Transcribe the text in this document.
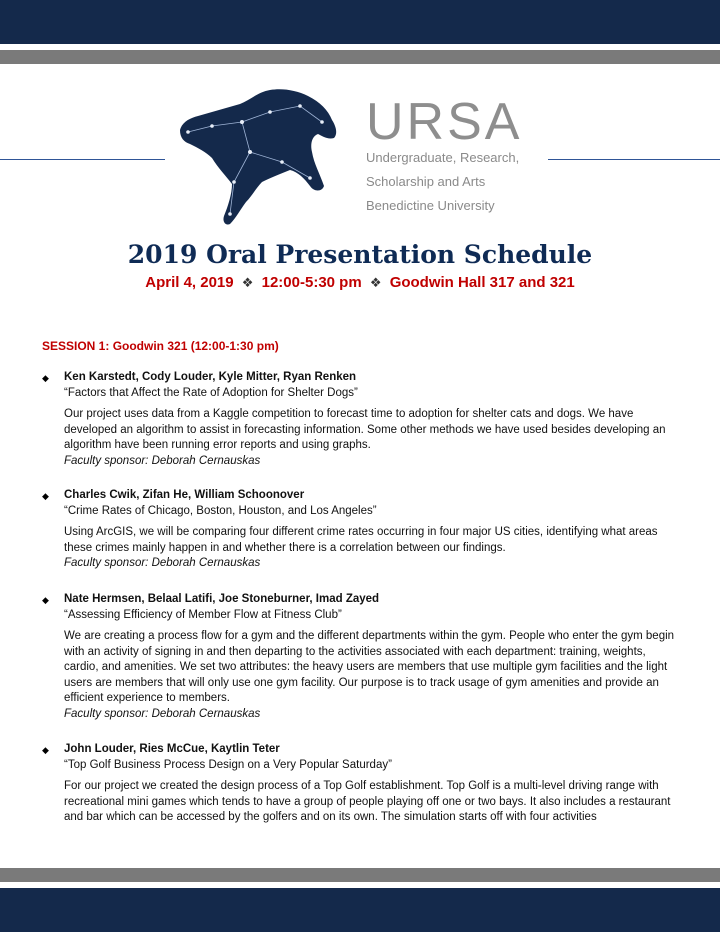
URSA
Undergraduate, Research,
Scholarship and Arts
Benedictine University
2019 Oral Presentation Schedule
April 4, 2019 ❖ 12:00-5:30 pm ❖ Goodwin Hall 317 and 321
SESSION 1: Goodwin 321 (12:00-1:30 pm)
◆ Ken Karstedt, Cody Louder, Kyle Mitter, Ryan Renken
“Factors that Affect the Rate of Adoption for Shelter Dogs”
Our project uses data from a Kaggle competition to forecast time to adoption for shelter cats and dogs. We have developed an algorithm to assist in forecasting information. Some other methods we have used besides developing an algorithm have been running error reports and using graphs.
Faculty sponsor: Deborah Cernauskas
◆ Charles Cwik, Zifan He, William Schoonover
“Crime Rates of Chicago, Boston, Houston, and Los Angeles”
Using ArcGIS, we will be comparing four different crime rates occurring in four major US cities, identifying what areas these crimes mainly happen in and whether there is a correlation between our findings.
Faculty sponsor: Deborah Cernauskas
◆ Nate Hermsen, Belaal Latifi, Joe Stoneburner, Imad Zayed
“Assessing Efficiency of Member Flow at Fitness Club”
We are creating a process flow for a gym and the different departments within the gym. People who enter the gym begin with an activity of signing in and then departing to the activities associated with each department: training, weights, cardio, and amenities. We set two attributes: the heavy users are members that use multiple gym facilities and the light users are members that will only use one gym facility. Our purpose is to track usage of gym amenities and provide an efficient experience to members.
Faculty sponsor: Deborah Cernauskas
◆ John Louder, Ries McCue, Kaytlin Teter
“Top Golf Business Process Design on a Very Popular Saturday”
For our project we created the design process of a Top Golf establishment. Top Golf is a multi-level driving range with recreational mini games which tends to have a group of people playing off one or two bays. It also includes a restaurant and bar which can be accessed by the golfers and on its own. The simulation starts off with four activities
